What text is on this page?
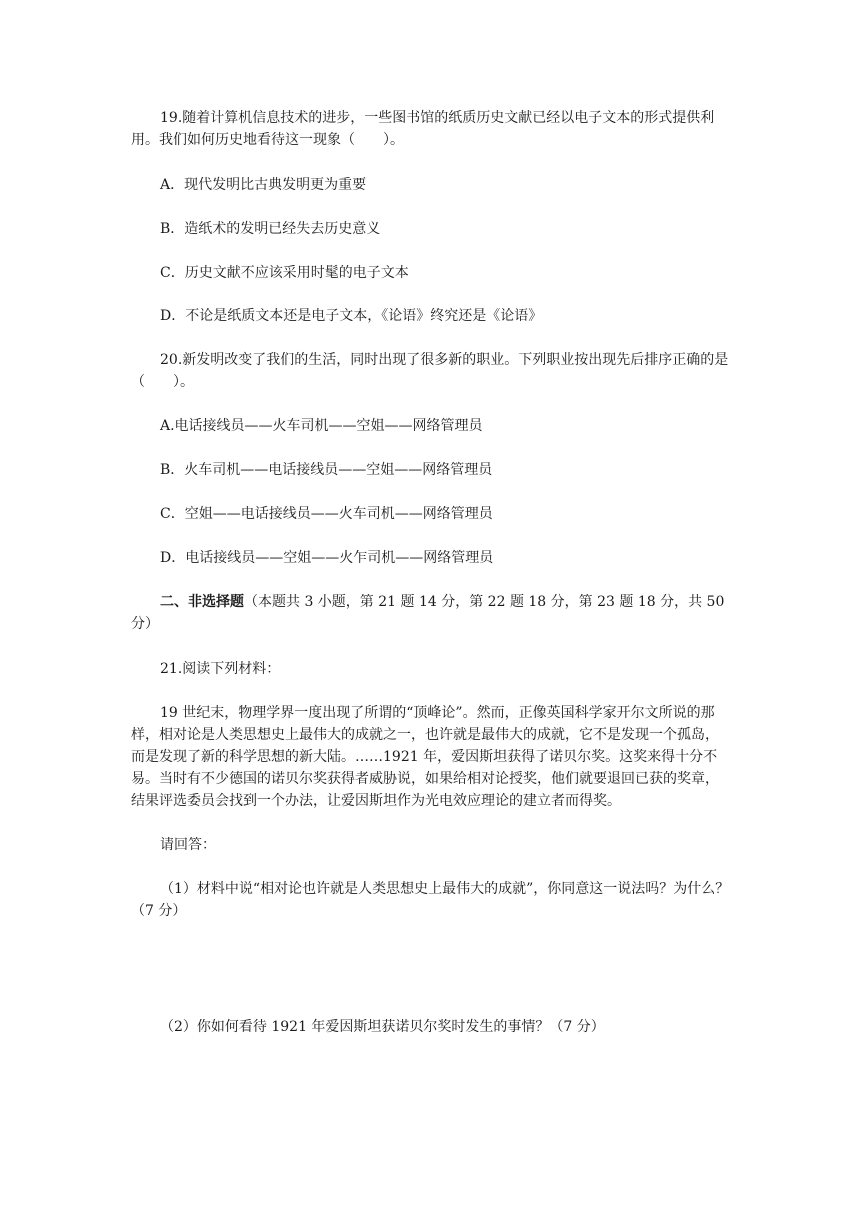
19.随着计算机信息技术的进步，一些图书馆的纸质历史文献已经以电子文本的形式提供利用。我们如何历史地看待这一现象（　　）。

A．现代发明比古典发明更为重要

B．造纸术的发明已经失去历史意义

C．历史文献不应该采用时髦的电子文本

D．不论是纸质文本还是电子文本，《论语》终究还是《论语》

20.新发明改变了我们的生活，同时出现了很多新的职业。下列职业按出现先后排序正确的是（　　）。

A.电话接线员——火车司机——空姐——网络管理员

B．火车司机——电话接线员——空姐——网络管理员

C．空姐——电话接线员——火车司机——网络管理员

D．电话接线员——空姐——火乍司机——网络管理员

二、非选择题（本题共 3 小题，第 21 题 14 分，第 22 题 18 分，第 23 题 18 分，共 50 分）

21.阅读下列材料：

19 世纪末，物理学界一度出现了所谓的“顶峰论”。然而，正像英国科学家开尔文所说的那样，相对论是人类思想史上最伟大的成就之一，也许就是最伟大的成就，它不是发现一个孤岛，而是发现了新的科学思想的新大陆。……1921 年，爱因斯坦获得了诺贝尔奖。这奖来得十分不易。当时有不少德国的诺贝尔奖获得者威胁说，如果给相对论授奖，他们就要退回已获的奖章，结果评选委员会找到一个办法，让爱因斯坦作为光电效应理论的建立者而得奖。

请回答：

（1）材料中说“相对论也许就是人类思想史上最伟大的成就”，你同意这一说法吗？为什么？（7 分）

（2）你如何看待 1921 年爱因斯坦获诺贝尔奖时发生的事情？（7 分）
